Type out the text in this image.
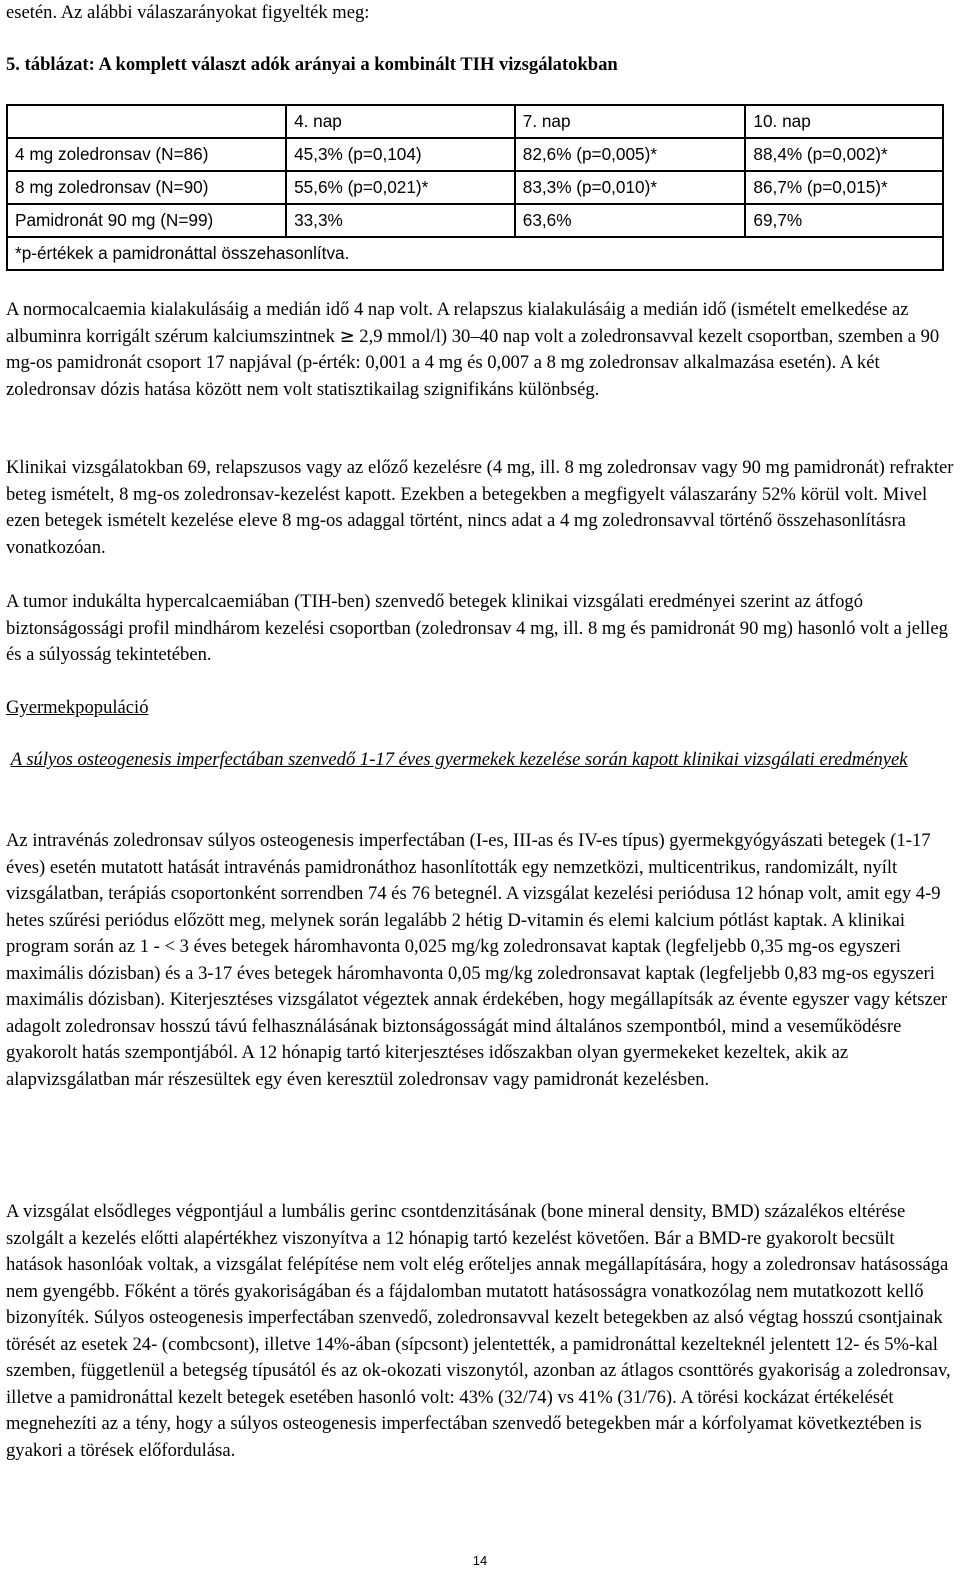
esetén. Az alábbi válaszarányokat figyelték meg:

5. táblázat: A komplett választ adók arányai a kombinált TIH vizsgálatokban

	4. nap	7. nap	10. nap
4 mg zoledronsav (N=86)	45,3% (p=0,104)	82,6% (p=0,005)*	88,4% (p=0,002)*
8 mg zoledronsav (N=90)	55,6% (p=0,021)*	83,3% (p=0,010)*	86,7% (p=0,015)*
Pamidronát 90 mg (N=99)	33,3%	63,6%	69,7%
*p-értékek a pamidronáttal összehasonlítva.			

A normocalcaemia kialakulásáig a medián idő 4 nap volt. A relapszus kialakulásáig a medián idő (ismételt emelkedése az albuminra korrigált szérum kalciumszintnek ≥ 2,9 mmol/l) 30–40 nap volt a zoledronsavval kezelt csoportban, szemben a 90 mg-os pamidronát csoport 17 napjával (p-érték: 0,001 a 4 mg és 0,007 a 8 mg zoledronsav alkalmazása esetén). A két zoledronsav dózis hatása között nem volt statisztikailag szignifikáns különbség.

Klinikai vizsgálatokban 69, relapszusos vagy az előző kezelésre (4 mg, ill. 8 mg zoledronsav vagy 90 mg pamidronát) refrakter beteg ismételt, 8 mg-os zoledronsav-kezelést kapott. Ezekben a betegekben a megfigyelt válaszarány 52% körül volt. Mivel ezen betegek ismételt kezelése eleve 8 mg-os adaggal történt, nincs adat a 4 mg zoledronsavval történő összehasonlításra vonatkozóan.

A tumor indukálta hypercalcaemiában (TIH-ben) szenvedő betegek klinikai vizsgálati eredményei szerint az átfogó biztonságossági profil mindhárom kezelési csoportban (zoledronsav 4 mg, ill. 8 mg és pamidronát 90 mg) hasonló volt a jelleg és a súlyosság tekintetében.

Gyermekpopuláció

A súlyos osteogenesis imperfectában szenvedő 1-17 éves gyermekek kezelése során kapott klinikai vizsgálati eredmények

Az intravénás zoledronsav súlyos osteogenesis imperfectában (I-es, III-as és IV-es típus) gyermekgyógyászati betegek (1-17 éves) esetén mutatott hatását intravénás pamidronáthoz hasonlították egy nemzetközi, multicentrikus, randomizált, nyílt vizsgálatban, terápiás csoportonként sorrendben 74 és 76 betegnél. A vizsgálat kezelési periódusa 12 hónap volt, amit egy 4-9 hetes szűrési periódus előzött meg, melynek során legalább 2 hétig D-vitamin és elemi kalcium pótlást kaptak. A klinikai program során az 1 - < 3 éves betegek háromhavonta 0,025 mg/kg zoledronsavat kaptak (legfeljebb 0,35 mg-os egyszeri maximális dózisban) és a 3-17 éves betegek háromhavonta 0,05 mg/kg zoledronsavat kaptak (legfeljebb 0,83 mg-os egyszeri maximális dózisban). Kiterjesztéses vizsgálatot végeztek annak érdekében, hogy megállapítsák az évente egyszer vagy kétszer adagolt zoledronsav hosszú távú felhasználásának biztonságosságát mind általános szempontból, mind a veseműködésre gyakorolt hatás szempontjából. A 12 hónapig tartó kiterjesztéses időszakban olyan gyermekeket kezeltek, akik az alapvizsgálatban már részesültek egy éven keresztül zoledronsav vagy pamidronát kezelésben.

A vizsgálat elsődleges végpontjául a lumbális gerinc csontdenzitásának (bone mineral density, BMD) százalékos eltérése szolgált a kezelés előtti alapértékhez viszonyítva a 12 hónapig tartó kezelést követően. Bár a BMD-re gyakorolt becsült hatások hasonlóak voltak, a vizsgálat felépítése nem volt elég erőteljes annak megállapítására, hogy a zoledronsav hatásossága nem gyengébb. Főként a törés gyakoriságában és a fájdalomban mutatott hatásosságra vonatkozólag nem mutatkozott kellő bizonyíték. Súlyos osteogenesis imperfectában szenvedő, zoledronsavval kezelt betegekben az alsó végtag hosszú csontjainak törését az esetek 24- (combcsont), illetve 14%-ában (sípcsont) jelentették, a pamidronáttal kezelteknél jelentett 12- és 5%-kal szemben, függetlenül a betegség típusától és az ok-okozati viszonytól, azonban az átlagos csonttörés gyakoriság a zoledronsav, illetve a pamidronáttal kezelt betegek esetében hasonló volt: 43% (32/74) vs 41% (31/76). A törési kockázat értékelését megnehezíti az a tény, hogy a súlyos osteogenesis imperfectában szenvedő betegekben már a kórfolyamat következtében is gyakori a törések előfordulása.

14
